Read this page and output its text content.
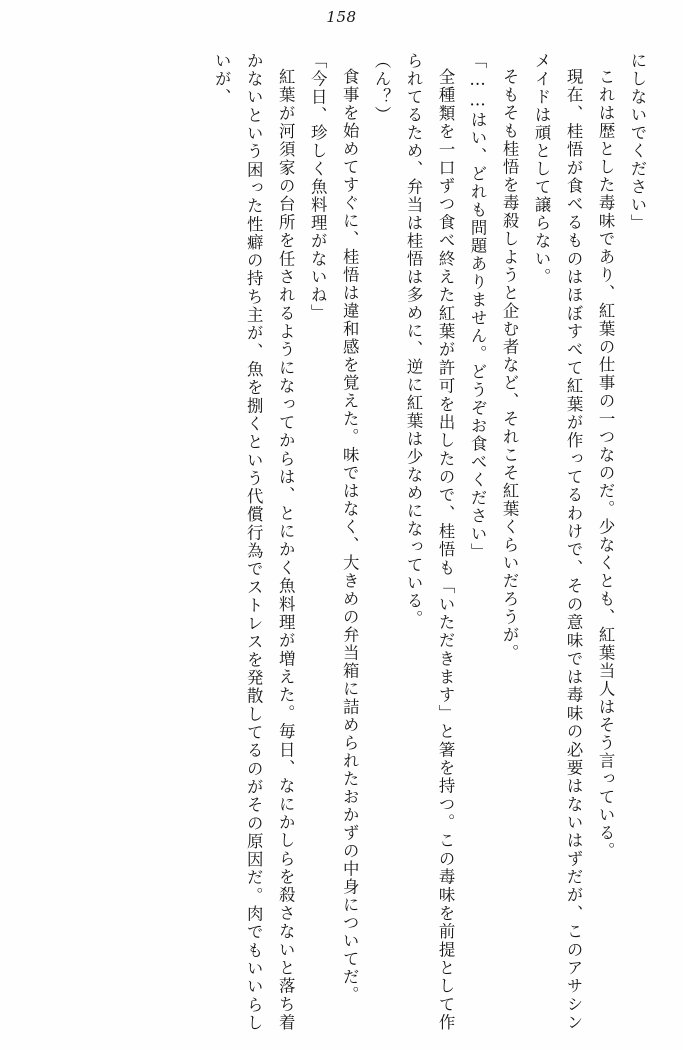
158

にしないでください」

これは歴とした毒味であり、紅葉の仕事の一つなのだ。少なくとも、紅葉当人はそう言っている。

現在、桂悟が食べるものはほぼすべて紅葉が作ってるわけで、その意味では毒味の必要はないはずだが、このアサシンメイドは頑として譲らない。

そもそも桂悟を毒殺しようと企む者など、それこそ紅葉くらいだろうが。

「……はい、どれも問題ありません。どうぞお食べください」

全種類を一口ずつ食べ終えた紅葉が許可を出したので、桂悟も「いただきます」と箸を持つ。この毒味を前提として作られてるため、弁当は桂悟は多めに、逆に紅葉は少なめになっている。

（ん？）

食事を始めてすぐに、桂悟は違和感を覚えた。味ではなく、大きめの弁当箱に詰められたおかずの中身についてだ。

「今日、珍しく魚料理がないね」

紅葉が河須家の台所を任されるようになってからは、とにかく魚料理が増えた。毎日、なにかしらを殺さないと落ち着かないという困った性癖の持ち主が、魚を捌くという代償行為でストレスを発散してるのがその原因だ。肉でもいいらしいが、
